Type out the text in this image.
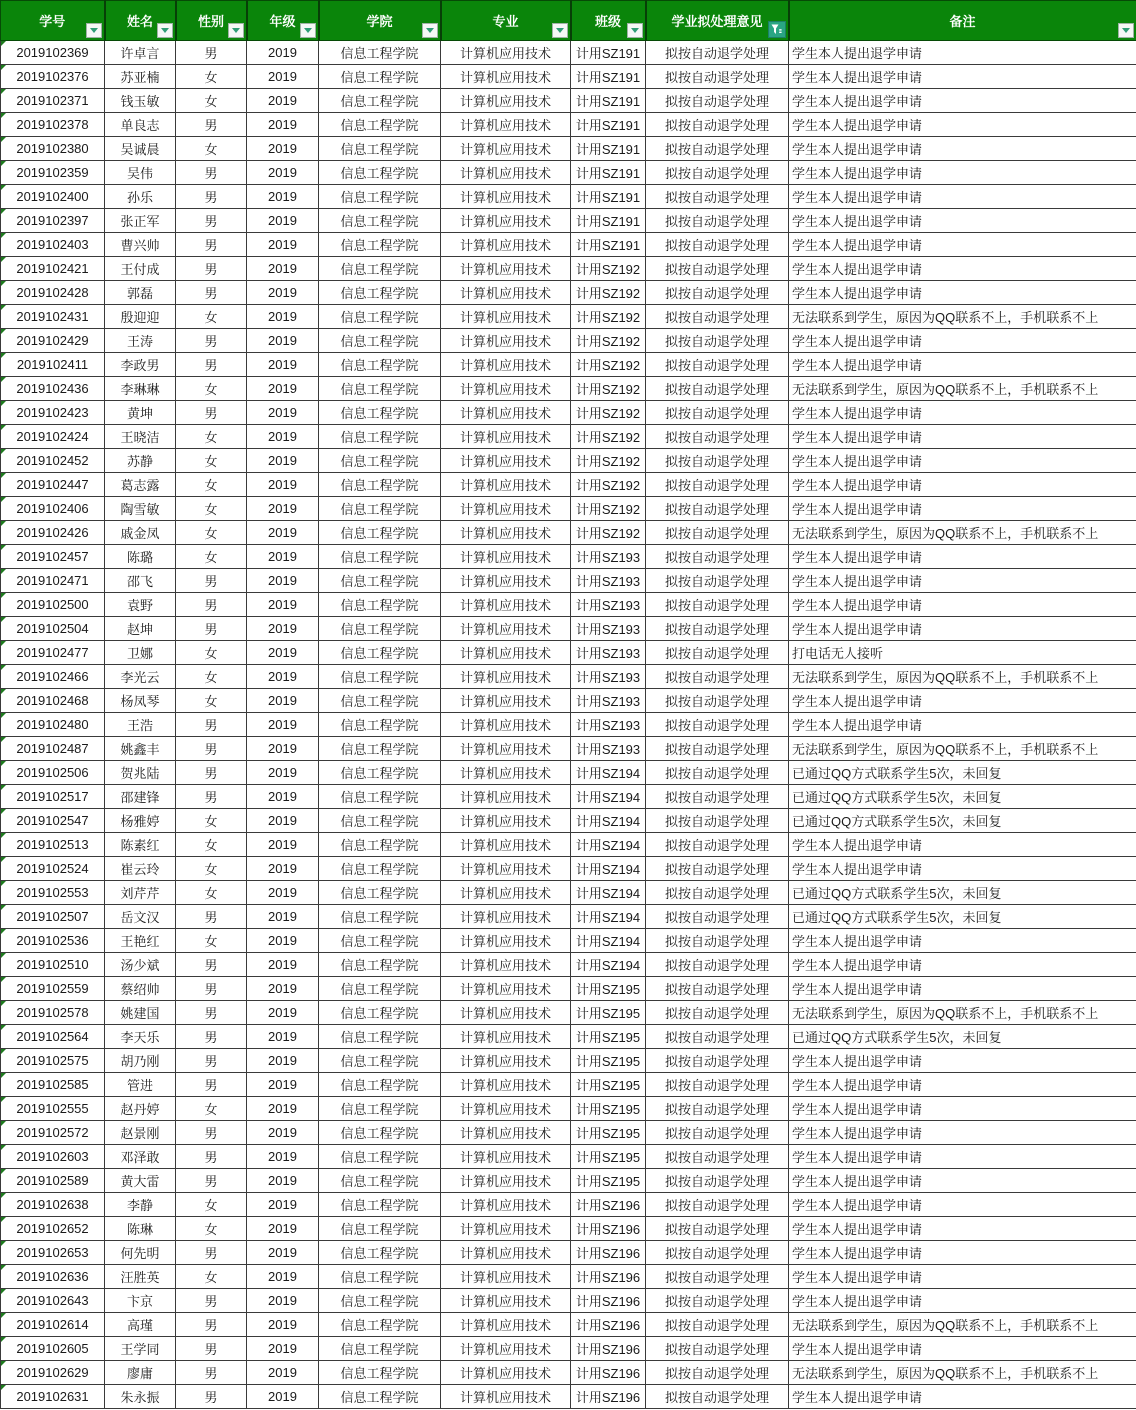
学号	姓名	性别	年级	学院	专业	班级	学业拟处理意见	备注

2019102369	许卓言	男	2019	信息工程学院	计算机应用技术	计用SZ191	拟按自动退学处理	学生本人提出退学申请

2019102376	苏亚楠	女	2019	信息工程学院	计算机应用技术	计用SZ191	拟按自动退学处理	学生本人提出退学申请

2019102371	钱玉敏	女	2019	信息工程学院	计算机应用技术	计用SZ191	拟按自动退学处理	学生本人提出退学申请

2019102378	单良志	男	2019	信息工程学院	计算机应用技术	计用SZ191	拟按自动退学处理	学生本人提出退学申请

2019102380	吴诚晨	女	2019	信息工程学院	计算机应用技术	计用SZ191	拟按自动退学处理	学生本人提出退学申请

2019102359	吴伟	男	2019	信息工程学院	计算机应用技术	计用SZ191	拟按自动退学处理	学生本人提出退学申请

2019102400	孙乐	男	2019	信息工程学院	计算机应用技术	计用SZ191	拟按自动退学处理	学生本人提出退学申请

2019102397	张正军	男	2019	信息工程学院	计算机应用技术	计用SZ191	拟按自动退学处理	学生本人提出退学申请

2019102403	曹兴帅	男	2019	信息工程学院	计算机应用技术	计用SZ191	拟按自动退学处理	学生本人提出退学申请

2019102421	王付成	男	2019	信息工程学院	计算机应用技术	计用SZ192	拟按自动退学处理	学生本人提出退学申请

2019102428	郭磊	男	2019	信息工程学院	计算机应用技术	计用SZ192	拟按自动退学处理	学生本人提出退学申请

2019102431	殷迎迎	女	2019	信息工程学院	计算机应用技术	计用SZ192	拟按自动退学处理	无法联系到学生，原因为QQ联系不上，手机联系不上

2019102429	王涛	男	2019	信息工程学院	计算机应用技术	计用SZ192	拟按自动退学处理	学生本人提出退学申请

2019102411	李政男	男	2019	信息工程学院	计算机应用技术	计用SZ192	拟按自动退学处理	学生本人提出退学申请

2019102436	李琳琳	女	2019	信息工程学院	计算机应用技术	计用SZ192	拟按自动退学处理	无法联系到学生，原因为QQ联系不上，手机联系不上

2019102423	黄坤	男	2019	信息工程学院	计算机应用技术	计用SZ192	拟按自动退学处理	学生本人提出退学申请

2019102424	王晓洁	女	2019	信息工程学院	计算机应用技术	计用SZ192	拟按自动退学处理	学生本人提出退学申请

2019102452	苏静	女	2019	信息工程学院	计算机应用技术	计用SZ192	拟按自动退学处理	学生本人提出退学申请

2019102447	葛志露	女	2019	信息工程学院	计算机应用技术	计用SZ192	拟按自动退学处理	学生本人提出退学申请

2019102406	陶雪敏	女	2019	信息工程学院	计算机应用技术	计用SZ192	拟按自动退学处理	学生本人提出退学申请

2019102426	戚金凤	女	2019	信息工程学院	计算机应用技术	计用SZ192	拟按自动退学处理	无法联系到学生，原因为QQ联系不上，手机联系不上

2019102457	陈璐	女	2019	信息工程学院	计算机应用技术	计用SZ193	拟按自动退学处理	学生本人提出退学申请

2019102471	邵飞	男	2019	信息工程学院	计算机应用技术	计用SZ193	拟按自动退学处理	学生本人提出退学申请

2019102500	袁野	男	2019	信息工程学院	计算机应用技术	计用SZ193	拟按自动退学处理	学生本人提出退学申请

2019102504	赵坤	男	2019	信息工程学院	计算机应用技术	计用SZ193	拟按自动退学处理	学生本人提出退学申请

2019102477	卫娜	女	2019	信息工程学院	计算机应用技术	计用SZ193	拟按自动退学处理	打电话无人接听

2019102466	李光云	女	2019	信息工程学院	计算机应用技术	计用SZ193	拟按自动退学处理	无法联系到学生，原因为QQ联系不上，手机联系不上

2019102468	杨凤琴	女	2019	信息工程学院	计算机应用技术	计用SZ193	拟按自动退学处理	学生本人提出退学申请

2019102480	王浩	男	2019	信息工程学院	计算机应用技术	计用SZ193	拟按自动退学处理	学生本人提出退学申请

2019102487	姚鑫丰	男	2019	信息工程学院	计算机应用技术	计用SZ193	拟按自动退学处理	无法联系到学生，原因为QQ联系不上，手机联系不上

2019102506	贺兆陆	男	2019	信息工程学院	计算机应用技术	计用SZ194	拟按自动退学处理	已通过QQ方式联系学生5次，未回复

2019102517	邵建锋	男	2019	信息工程学院	计算机应用技术	计用SZ194	拟按自动退学处理	已通过QQ方式联系学生5次，未回复

2019102547	杨雅婷	女	2019	信息工程学院	计算机应用技术	计用SZ194	拟按自动退学处理	已通过QQ方式联系学生5次，未回复

2019102513	陈素红	女	2019	信息工程学院	计算机应用技术	计用SZ194	拟按自动退学处理	学生本人提出退学申请

2019102524	崔云玲	女	2019	信息工程学院	计算机应用技术	计用SZ194	拟按自动退学处理	学生本人提出退学申请

2019102553	刘芹芹	女	2019	信息工程学院	计算机应用技术	计用SZ194	拟按自动退学处理	已通过QQ方式联系学生5次，未回复

2019102507	岳文汉	男	2019	信息工程学院	计算机应用技术	计用SZ194	拟按自动退学处理	已通过QQ方式联系学生5次，未回复

2019102536	王艳红	女	2019	信息工程学院	计算机应用技术	计用SZ194	拟按自动退学处理	学生本人提出退学申请

2019102510	汤少斌	男	2019	信息工程学院	计算机应用技术	计用SZ194	拟按自动退学处理	学生本人提出退学申请

2019102559	蔡绍帅	男	2019	信息工程学院	计算机应用技术	计用SZ195	拟按自动退学处理	学生本人提出退学申请

2019102578	姚建国	男	2019	信息工程学院	计算机应用技术	计用SZ195	拟按自动退学处理	无法联系到学生，原因为QQ联系不上，手机联系不上

2019102564	李天乐	男	2019	信息工程学院	计算机应用技术	计用SZ195	拟按自动退学处理	已通过QQ方式联系学生5次，未回复

2019102575	胡乃刚	男	2019	信息工程学院	计算机应用技术	计用SZ195	拟按自动退学处理	学生本人提出退学申请

2019102585	管进	男	2019	信息工程学院	计算机应用技术	计用SZ195	拟按自动退学处理	学生本人提出退学申请

2019102555	赵丹婷	女	2019	信息工程学院	计算机应用技术	计用SZ195	拟按自动退学处理	学生本人提出退学申请

2019102572	赵景刚	男	2019	信息工程学院	计算机应用技术	计用SZ195	拟按自动退学处理	学生本人提出退学申请

2019102603	邓泽敢	男	2019	信息工程学院	计算机应用技术	计用SZ195	拟按自动退学处理	学生本人提出退学申请

2019102589	黄大雷	男	2019	信息工程学院	计算机应用技术	计用SZ195	拟按自动退学处理	学生本人提出退学申请

2019102638	李静	女	2019	信息工程学院	计算机应用技术	计用SZ196	拟按自动退学处理	学生本人提出退学申请

2019102652	陈琳	女	2019	信息工程学院	计算机应用技术	计用SZ196	拟按自动退学处理	学生本人提出退学申请

2019102653	何先明	男	2019	信息工程学院	计算机应用技术	计用SZ196	拟按自动退学处理	学生本人提出退学申请

2019102636	汪胜英	女	2019	信息工程学院	计算机应用技术	计用SZ196	拟按自动退学处理	学生本人提出退学申请

2019102643	卞京	男	2019	信息工程学院	计算机应用技术	计用SZ196	拟按自动退学处理	学生本人提出退学申请

2019102614	高瑾	男	2019	信息工程学院	计算机应用技术	计用SZ196	拟按自动退学处理	无法联系到学生，原因为QQ联系不上，手机联系不上

2019102605	王学同	男	2019	信息工程学院	计算机应用技术	计用SZ196	拟按自动退学处理	学生本人提出退学申请

2019102629	廖庸	男	2019	信息工程学院	计算机应用技术	计用SZ196	拟按自动退学处理	无法联系到学生，原因为QQ联系不上，手机联系不上

2019102631	朱永振	男	2019	信息工程学院	计算机应用技术	计用SZ196	拟按自动退学处理	学生本人提出退学申请
